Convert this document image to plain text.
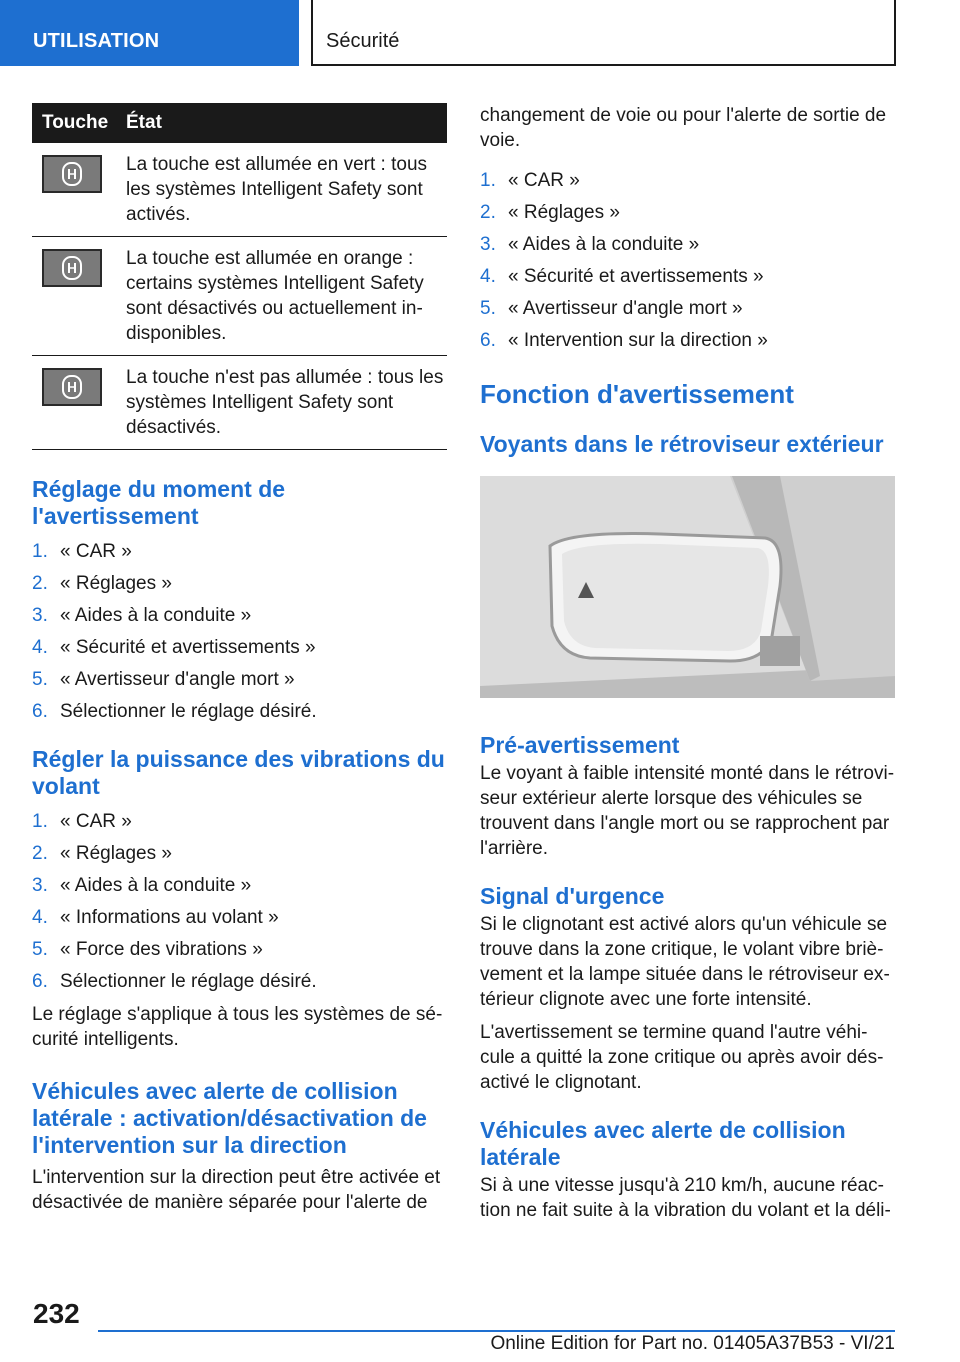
UTILISATION	Sécurité
Touche État
La touche est allumée en vert : tous les systèmes Intelligent Safety sont activés.
La touche est allumée en orange : certains systèmes Intelligent Safety sont désactivés ou actuellement indisponibles.
La touche n'est pas allumée : tous les systèmes Intelligent Safety sont désactivés.
Réglage du moment de l'avertissement
1. « CAR »
2. « Réglages »
3. « Aides à la conduite »
4. « Sécurité et avertissements »
5. « Avertisseur d'angle mort »
6. Sélectionner le réglage désiré.
Régler la puissance des vibrations du volant
1. « CAR »
2. « Réglages »
3. « Aides à la conduite »
4. « Informations au volant »
5. « Force des vibrations »
6. Sélectionner le réglage désiré.

Le réglage s'applique à tous les systèmes de sécurité intelligents.

Véhicules avec alerte de collision latérale : activation/désactivation de l'intervention sur la direction

L'intervention sur la direction peut être activée et désactivée de manière séparée pour l'alerte de

changement de voie ou pour l'alerte de sortie de voie.

1. « CAR »
2. « Réglages »
3. « Aides à la conduite »
4. « Sécurité et avertissements »
5. « Avertisseur d'angle mort »
6. « Intervention sur la direction »
Fonction d'avertissement
Voyants dans le rétroviseur extérieur
Pré-avertissement

Le voyant à faible intensité monté dans le rétroviseur extérieur alerte lorsque des véhicules se trouvent dans l'angle mort ou se rapprochent par l'arrière.

Signal d'urgence

Si le clignotant est activé alors qu'un véhicule se trouve dans la zone critique, le volant vibre brièvement et la lampe située dans le rétroviseur extérieur clignote avec une forte intensité.

L'avertissement se termine quand l'autre véhicule a quitté la zone critique ou après avoir désactivé le clignotant.

Véhicules avec alerte de collision latérale

Si à une vitesse jusqu'à 210 km/h, aucune réaction ne fait suite à la vibration du volant et la déli-

232
Online Edition for Part no. 01405A37B53 - VI/21
